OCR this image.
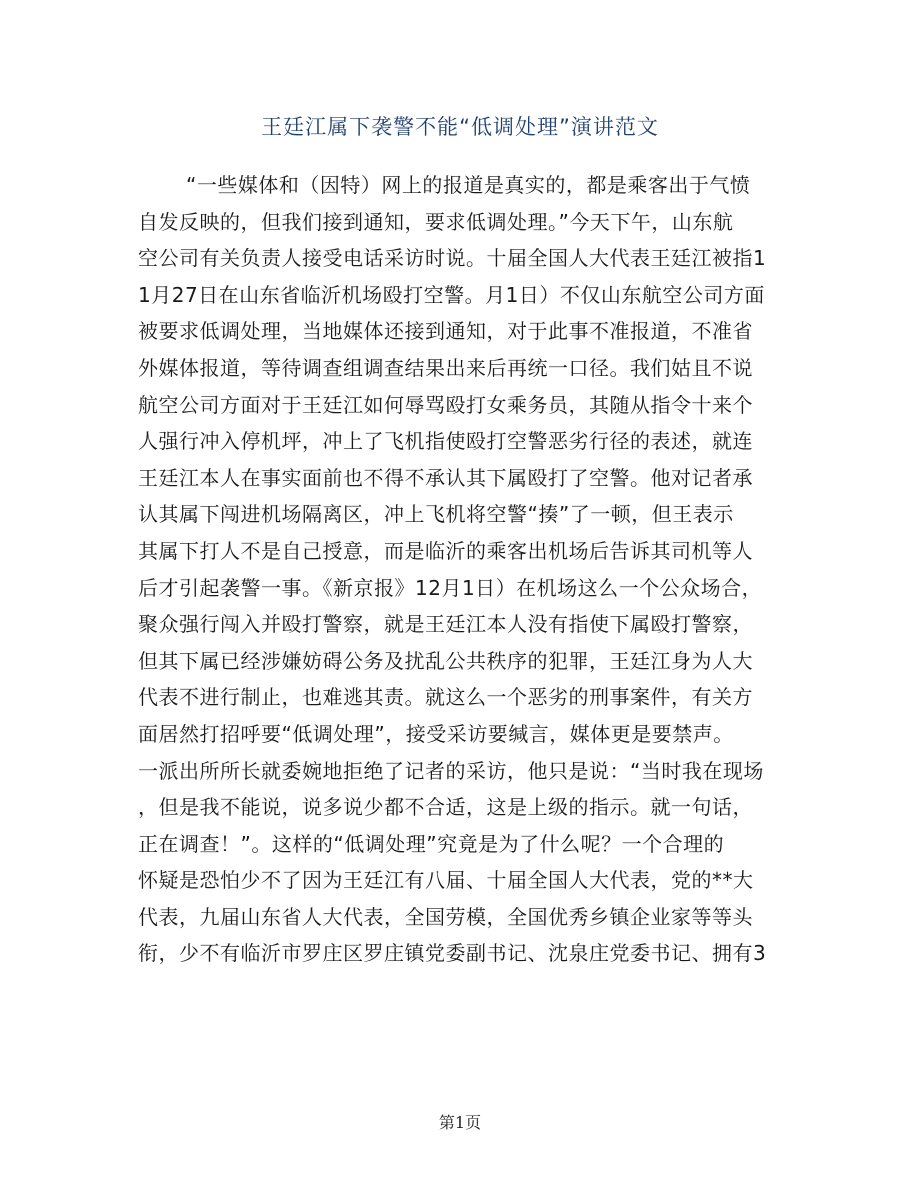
王廷江属下袭警不能“低调处理”演讲范文
“一些媒体和（因特）网上的报道是真实的，都是乘客出于气愤
自发反映的，但我们接到通知，要求低调处理。”今天下午，山东航
空公司有关负责人接受电话采访时说。十届全国人大代表王廷江被指1
1月27日在山东省临沂机场殴打空警。月1日）不仅山东航空公司方面
被要求低调处理，当地媒体还接到通知，对于此事不准报道，不准省
外媒体报道，等待调查组调查结果出来后再统一口径。我们姑且不说
航空公司方面对于王廷江如何辱骂殴打女乘务员，其随从指令十来个
人强行冲入停机坪，冲上了飞机指使殴打空警恶劣行径的表述，就连
王廷江本人在事实面前也不得不承认其下属殴打了空警。他对记者承
认其属下闯进机场隔离区，冲上飞机将空警“揍”了一顿，但王表示
其属下打人不是自己授意，而是临沂的乘客出机场后告诉其司机等人
后才引起袭警一事。《新京报》12月1日）在机场这么一个公众场合，
聚众强行闯入并殴打警察，就是王廷江本人没有指使下属殴打警察，
但其下属已经涉嫌妨碍公务及扰乱公共秩序的犯罪，王廷江身为人大
代表不进行制止，也难逃其责。就这么一个恶劣的刑事案件，有关方
面居然打招呼要“低调处理”，接受采访要缄言，媒体更是要禁声。
一派出所所长就委婉地拒绝了记者的采访，他只是说：“当时我在现场
，但是我不能说，说多说少都不合适，这是上级的指示。就一句话，
正在调查！”。这样的“低调处理”究竟是为了什么呢？一个合理的
怀疑是恐怕少不了因为王廷江有八届、十届全国人大代表，党的**大
代表，九届山东省人大代表，全国劳模，全国优秀乡镇企业家等等头
衔，少不有临沂市罗庄区罗庄镇党委副书记、沈泉庄党委书记、拥有3
第1页
